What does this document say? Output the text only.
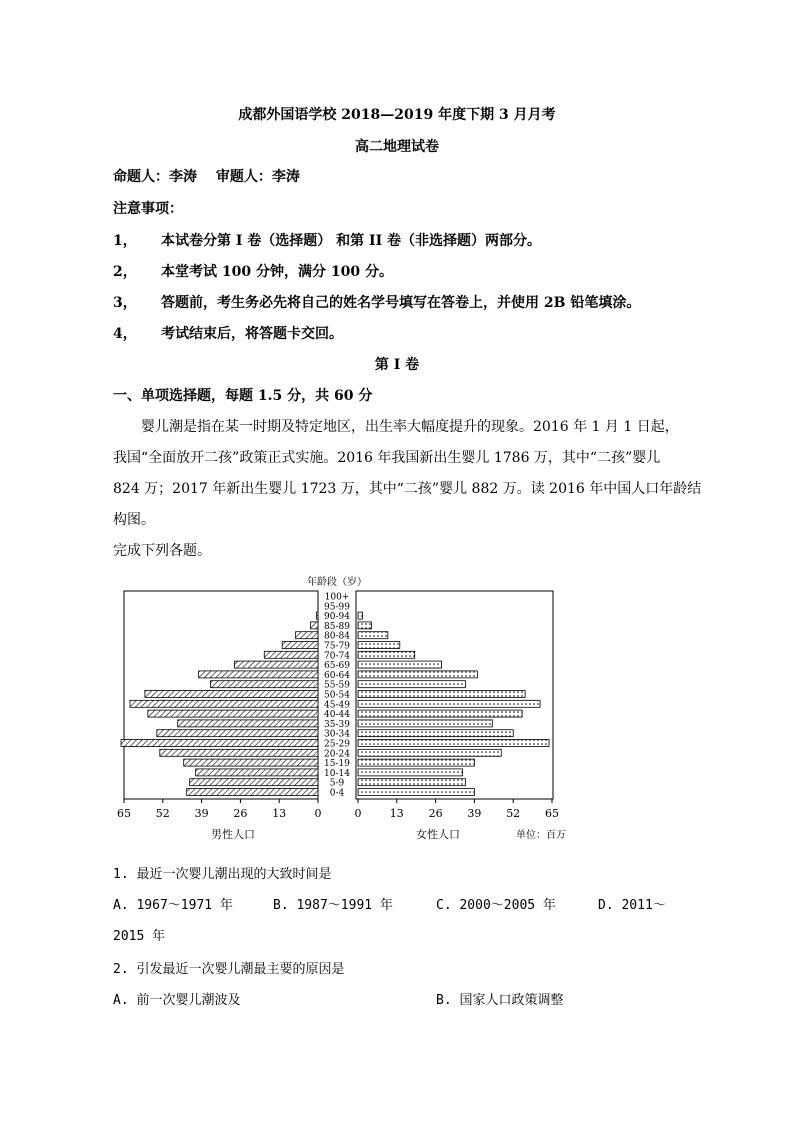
成都外国语学校 2018—2019 年度下期 3 月月考
高二地理试卷
命题人：李涛　 审题人：李涛
注意事项：
1， 本试卷分第 I 卷（选择题） 和第 II 卷（非选择题）两部分。
2， 本堂考试 100 分钟，满分 100 分。
3， 答题前，考生务必先将自己的姓名学号填写在答卷上，并使用 2B 铅笔填涂。
4， 考试结束后，将答题卡交回。
第 I 卷
一、单项选择题，每题 1.5 分，共 60 分
婴儿潮是指在某一时期及特定地区，出生率大幅度提升的现象。2016 年 1 月 1 日起，
我国“全面放开二孩”政策正式实施。2016 年我国新出生婴儿 1786 万，其中“二孩”婴儿
824 万；2017 年新出生婴儿 1723 万，其中“二孩”婴儿 882 万。读 2016 年中国人口年龄结
构图。
完成下列各题。
年龄段（岁）
100+
95-99
90-94
85-89
80-84
75-79
70-74
65-69
60-64
55-59
50-54
45-49
40-44
35-39
30-34
25-29
20-24
15-19
10-14
5-9
0-4
65 52 39 26 13	0	0	13 26 39 52 65
男性人口	女性人口	单位：百万
1. 最近一次婴儿潮出现的大致时间是
A. 1967～1971 年	B. 1987～1991 年	C. 2000～2005 年	D. 2011～
2015 年
2. 引发最近一次婴儿潮最主要的原因是
A. 前一次婴儿潮波及	B. 国家人口政策调整
